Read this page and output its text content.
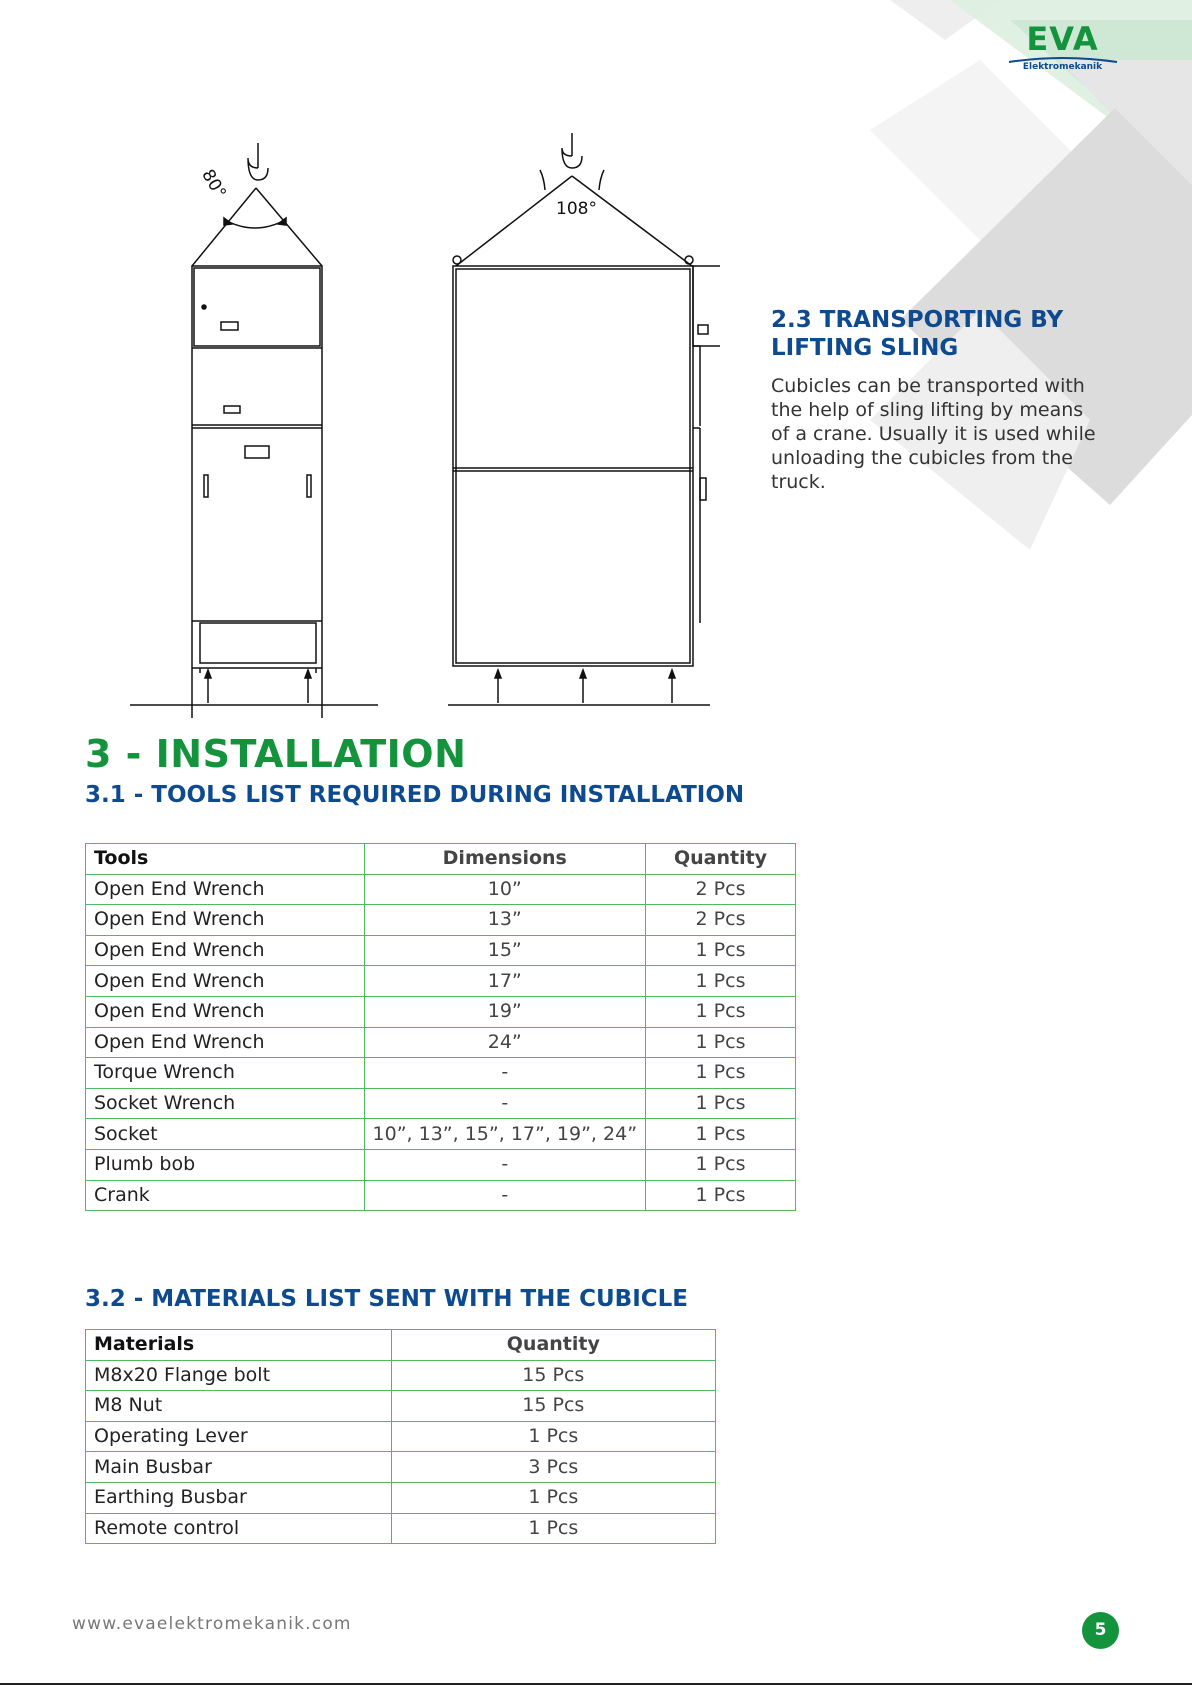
EVA
Elektromekanik
80°
108°
2.3 TRANSPORTING BY LIFTING SLING

Cubicles can be transported with the help of sling lifting by means of a crane. Usually it is used while unloading the cubicles from the truck.

3 - INSTALLATION
3.1 - TOOLS LIST REQUIRED DURING INSTALLATION
Tools	Dimensions	Quantity
Open End Wrench	10”	2 Pcs
Open End Wrench	13”	2 Pcs
Open End Wrench	15”	1 Pcs
Open End Wrench	17”	1 Pcs
Open End Wrench	19”	1 Pcs
Open End Wrench	24”	1 Pcs
Torque Wrench	-	1 Pcs
Socket Wrench	-	1 Pcs
Socket	10”, 13”, 15”, 17”, 19”, 24”	1 Pcs
Plumb bob	-	1 Pcs
Crank	-	1 Pcs
3.2 - MATERIALS LIST SENT WITH THE CUBICLE
Materials	Quantity
M8x20 Flange bolt	15 Pcs
M8 Nut	15 Pcs
Operating Lever	1 Pcs
Main Busbar	3 Pcs
Earthing Busbar	1 Pcs
Remote control	1 Pcs
www.evaelektromekanik.com	5
